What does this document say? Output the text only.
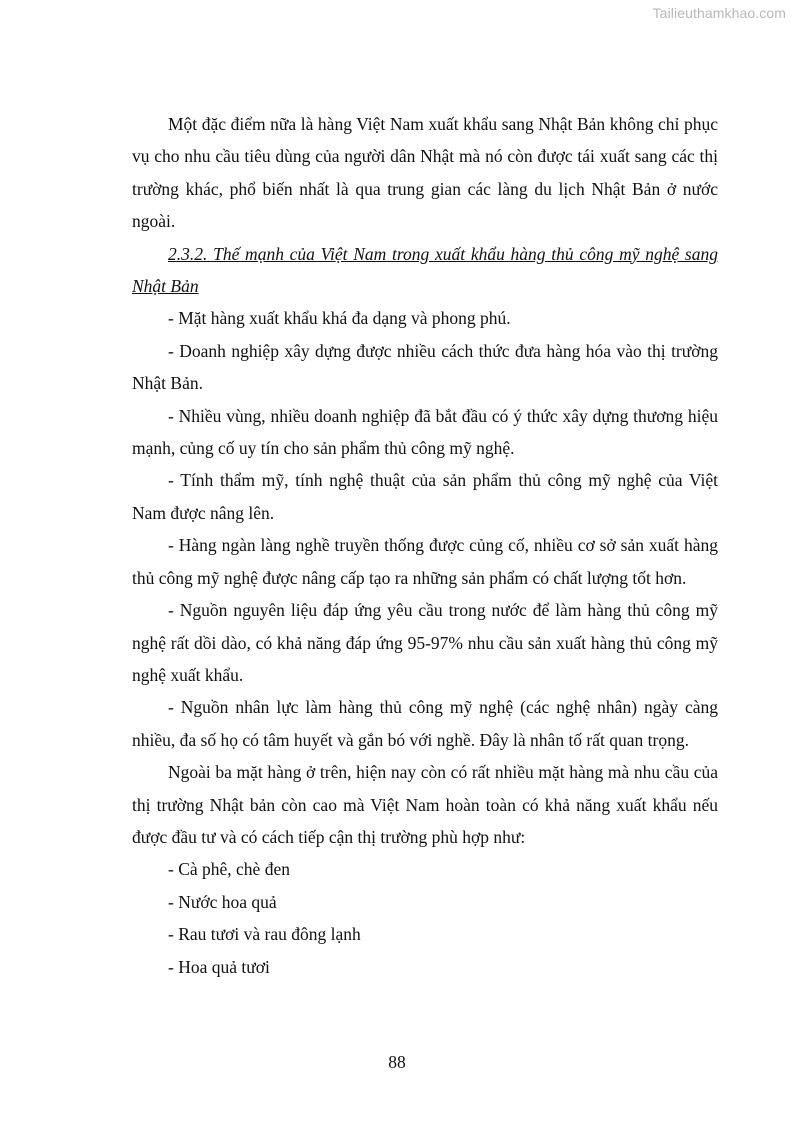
Tailieuthamkhao.com

Một đặc điểm nữa là hàng Việt Nam xuất khẩu sang Nhật Bản không chỉ phục vụ cho nhu cầu tiêu dùng của người dân Nhật mà nó còn được tái xuất sang các thị trường khác, phổ biến nhất là qua trung gian các làng du lịch Nhật Bản ở nước ngoài.

2.3.2. Thế mạnh của Việt Nam trong xuất khẩu hàng thủ công mỹ nghệ sang Nhật Bản

- Mặt hàng xuất khẩu khá đa dạng và phong phú.

- Doanh nghiệp xây dựng được nhiều cách thức đưa hàng hóa vào thị trường Nhật Bản.

- Nhiều vùng, nhiều doanh nghiệp đã bắt đầu có ý thức xây dựng thương hiệu mạnh, củng cố uy tín cho sản phẩm thủ công mỹ nghệ.

- Tính thẩm mỹ, tính nghệ thuật của sản phẩm thủ công mỹ nghệ của Việt Nam được nâng lên.

- Hàng ngàn làng nghề truyền thống được củng cố, nhiều cơ sở sản xuất hàng thủ công mỹ nghệ được nâng cấp tạo ra những sản phẩm có chất lượng tốt hơn.

- Nguồn nguyên liệu đáp ứng yêu cầu trong nước để làm hàng thủ công mỹ nghệ rất dồi dào, có khả năng đáp ứng 95-97% nhu cầu sản xuất hàng thủ công mỹ nghệ xuất khẩu.

- Nguồn nhân lực làm hàng thủ công mỹ nghệ (các nghệ nhân) ngày càng nhiều, đa số họ có tâm huyết và gắn bó với nghề. Đây là nhân tố rất quan trọng.

Ngoài ba mặt hàng ở trên, hiện nay còn có rất nhiều mặt hàng mà nhu cầu của thị trường Nhật bản còn cao mà Việt Nam hoàn toàn có khả năng xuất khẩu nếu được đầu tư và có cách tiếp cận thị trường phù hợp như:

- Cà phê, chè đen

- Nước hoa quả

- Rau tươi và rau đông lạnh

- Hoa quả tươi

88
